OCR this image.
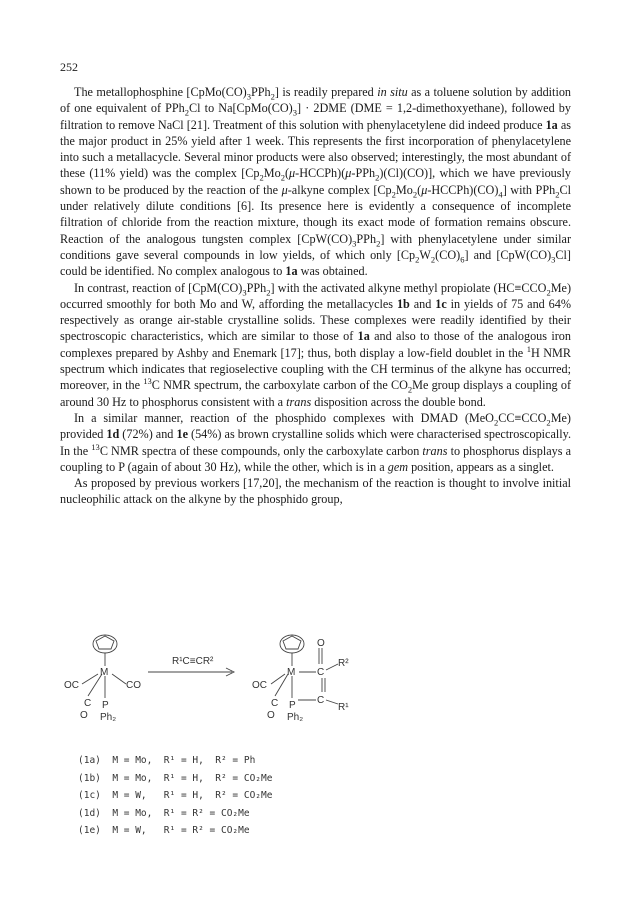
252

The metallophosphine $[CpMo(CO)_3PPh_2]$ is readily prepared in situ as a toluene solution by addition of one equivalent of PPh$_2$Cl to $Na[CpMo(CO)_3] \cdot 2DME$ (DME = 1,2-dimethoxyethane), followed by filtration to remove NaCl [21]. Treatment of this solution with phenylacetylene did indeed produce 1a as the major product in 25% yield after 1 week. This represents the first incorporation of phenylacetylene into such a metallacycle. Several minor products were also observed; interestingly, the most abundant of these (11% yield) was the complex $[Cp_2Mo_2(\mu-HCCPh)(\mu-PPh_2)(Cl)(CO)]$, which we have previously shown to be produced by the reaction of the μ-alkyne complex $[Cp_2Mo_2(\mu-HCCPh)(CO)_4]$ with PPh$_2$Cl under relatively dilute conditions [6]. Its presence here is evidently a consequence of incomplete filtration of chloride from the reaction mixture, though its exact mode of formation remains obscure. Reaction of the analogous tungsten complex $[CpW(CO)_3PPh_2]$ with phenylacetylene under similar conditions gave several compounds in low yields, of which only $[Cp_2W_2(CO)_6]$ and $[CpW(CO)_3Cl]$ could be identified. No complex analogous to 1a was obtained.

In contrast, reaction of $[CpM(CO)_3PPh_2]$ with the activated alkyne methyl propiolate $(HC\equiv CCO_2Me)$ occurred smoothly for both Mo and W, affording the metallacycles 1b and 1c in yields of 75 and 64% respectively as orange air-stable crystalline solids. These complexes were readily identified by their spectroscopic characteristics, which are similar to those of 1a and also to those of the analogous iron complexes prepared by Ashby and Enemark [17]; thus, both display a low-field doublet in the $^1$H NMR spectrum which indicates that regioselective coupling with the CH terminus of the alkyne has occurred; moreover, in the $^{13}$C NMR spectrum, the carboxylate carbon of the $CO_2Me$ group displays a coupling of around 30 Hz to phosphorus consistent with a trans disposition across the double bond.

In a similar manner, reaction of the phosphido complexes with DMAD $(MeO_2CC\equiv CCO_2Me)$ provided 1d (72%) and 1e (54%) as brown crystalline solids which were characterised spectroscopically. In the $^{13}$C NMR spectra of these compounds, only the carboxylate carbon trans to phosphorus displays a coupling to P (again of about 30 Hz), while the other, which is in a gem position, appears as a singlet.

As proposed by previous workers [17,20], the mechanism of the reaction is thought to involve initial nucleophilic attack on the alkyne by the phosphido group,

R¹C≡CR²
M
OC	CO
C
O
P
Ph₂
M
OC
C
O
R²
C
R¹
P
Ph₂
C
O
(1a)  M = Mo,  R¹ = H,  R² = Ph
(1b)  M = Mo,  R¹ = H,  R² = CO₂Me
(1c)  M = W,   R¹ = H,  R² = CO₂Me
(1d)  M = Mo,  R¹ = R² = CO₂Me
(1e)  M = W,   R¹ = R² = CO₂Me
